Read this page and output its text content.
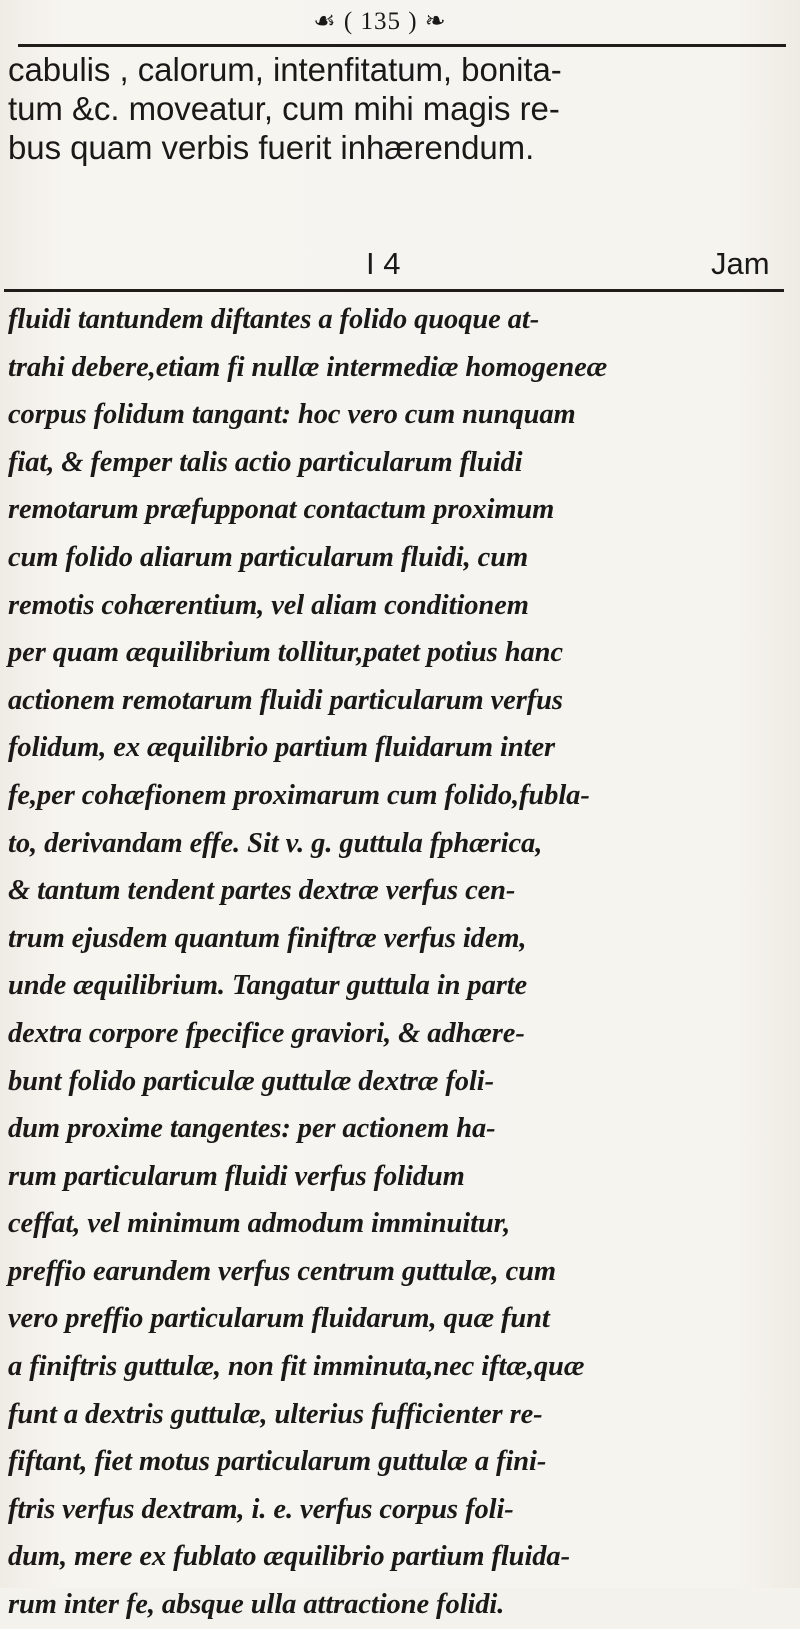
☙ ( 135 ) ❧
cabulis , calorum, intenfitatum, bonita-
tum &c. moveatur, cum mihi magis re-
bus quam verbis fuerit inhærendum.
I 4	Jam
fluidi tantundem diftantes a folido quoque at-
trahi debere,etiam fi nullæ intermediæ homogeneæ
corpus folidum tangant: hoc vero cum nunquam
fiat, & femper talis actio particularum fluidi
remotarum præfupponat contactum proximum
cum folido aliarum particularum fluidi, cum
remotis cohærentium, vel aliam conditionem
per quam æquilibrium tollitur,patet potius hanc
actionem remotarum fluidi particularum verfus
folidum, ex æquilibrio partium fluidarum inter
fe,per cohæfionem proximarum cum folido,fubla-
to, derivandam effe. Sit v. g. guttula fphærica,
& tantum tendent partes dextræ verfus cen-
trum ejusdem quantum finiftræ verfus idem,
unde æquilibrium. Tangatur guttula in parte
dextra corpore fpecifice graviori, & adhære-
bunt folido particulæ guttulæ dextræ foli-
dum proxime tangentes: per actionem ha-
rum particularum fluidi verfus folidum
ceffat, vel minimum admodum imminuitur,
preffio earundem verfus centrum guttulæ, cum
vero preffio particularum fluidarum, quæ funt
a finiftris guttulæ, non fit imminuta,nec iftæ,quæ
funt a dextris guttulæ, ulterius fufficienter re-
fiftant, fiet motus particularum guttulæ a fini-
ftris verfus dextram, i. e. verfus corpus foli-
dum, mere ex fublato æquilibrio partium fluida-
rum inter fe, absque ulla attractione folidi.
